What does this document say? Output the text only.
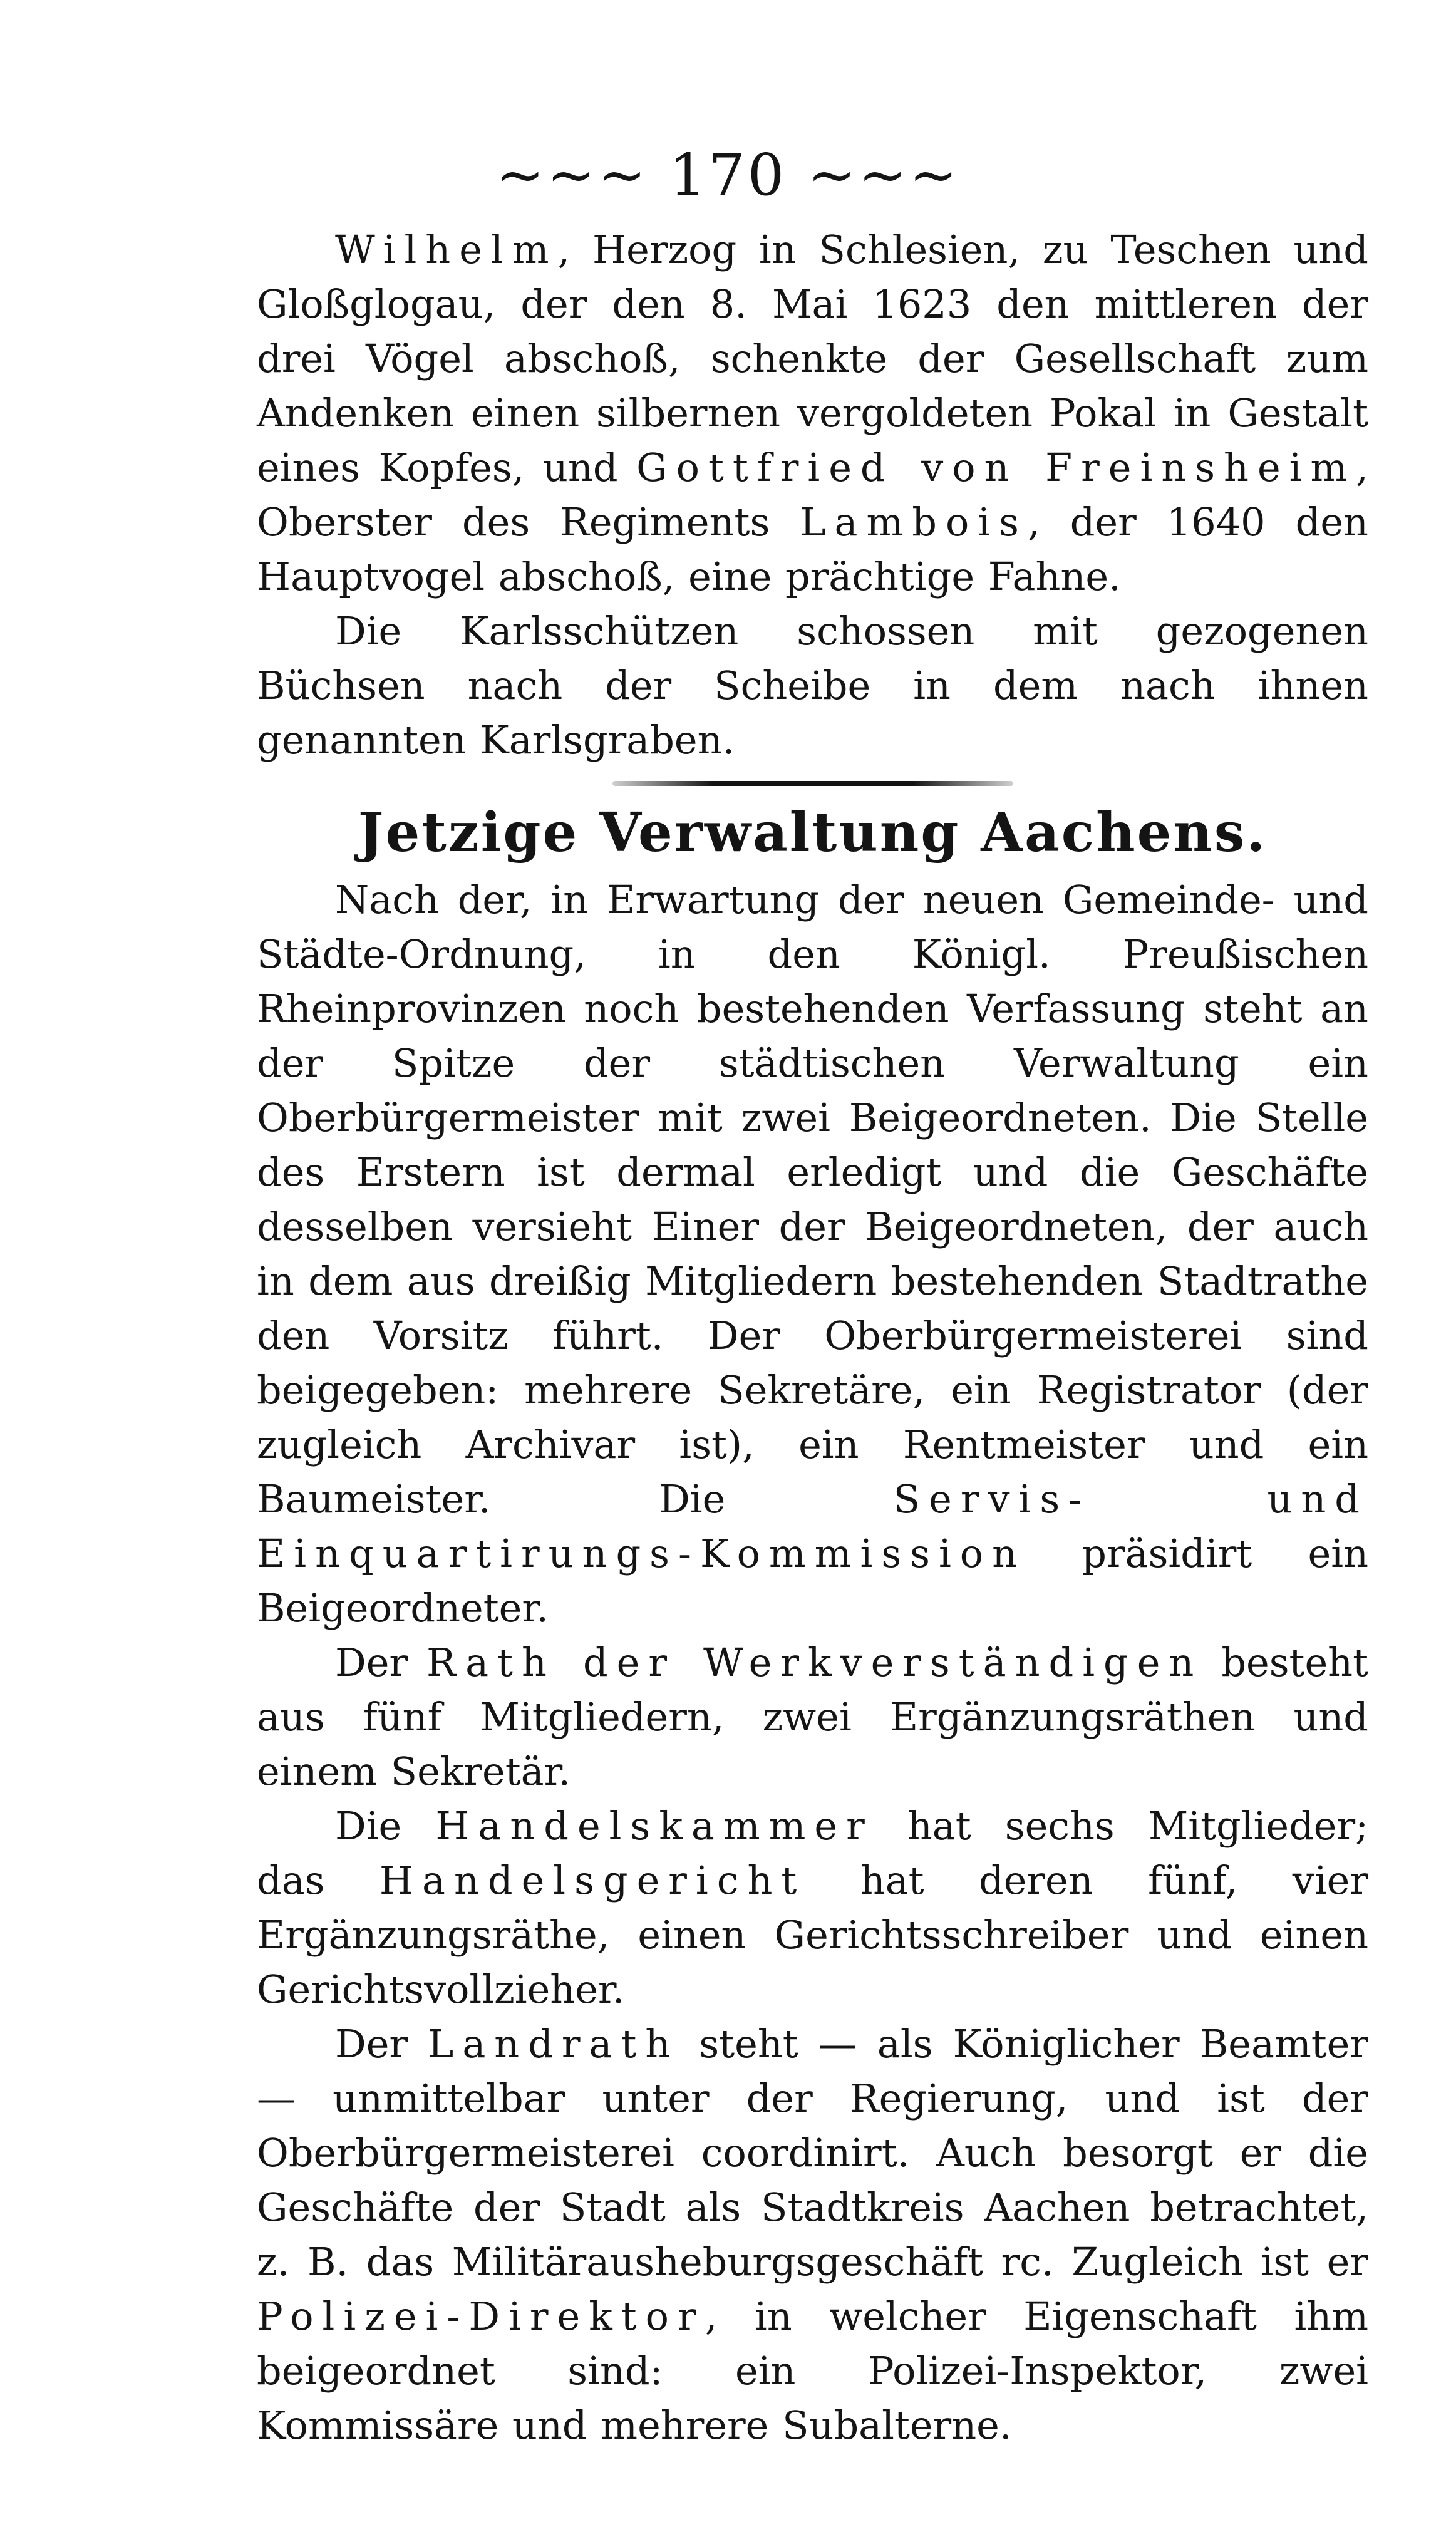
~~~ 170 ~~~

Wilhelm, Herzog in Schlesien, zu Teschen und Gloßglogau, der den 8. Mai 1623 den mittleren der drei Vögel abschoß, schenkte der Gesellschaft zum Andenken einen silbernen vergoldeten Pokal in Gestalt eines Kopfes, und Gottfried von Freinsheim, Oberster des Regiments Lambois, der 1640 den Hauptvogel abschoß, eine prächtige Fahne.

Die Karlsschützen schossen mit gezogenen Büchsen nach der Scheibe in dem nach ihnen genannten Karlsgraben.

Jetzige Verwaltung Aachens.

Nach der, in Erwartung der neuen Gemeinde- und Städte-Ordnung, in den Königl. Preußischen Rheinprovinzen noch bestehenden Verfassung steht an der Spitze der städtischen Verwaltung ein Oberbürgermeister mit zwei Beigeordneten. Die Stelle des Erstern ist dermal erledigt und die Geschäfte desselben versieht Einer der Beigeordneten, der auch in dem aus dreißig Mitgliedern bestehenden Stadtrathe den Vorsitz führt. Der Oberbürgermeisterei sind beigegeben: mehrere Sekretäre, ein Registrator (der zugleich Archivar ist), ein Rentmeister und ein Baumeister. Die Servis- und Einquartirungs-Kommission präsidirt ein Beigeordneter.

Der Rath der Werkverständigen besteht aus fünf Mitgliedern, zwei Ergänzungsräthen und einem Sekretär.

Die Handelskammer hat sechs Mitglieder; das Handelsgericht hat deren fünf, vier Ergänzungsräthe, einen Gerichtsschreiber und einen Gerichtsvollzieher.

Der Landrath steht — als Königlicher Beamter — unmittelbar unter der Regierung, und ist der Oberbürgermeisterei coordinirt. Auch besorgt er die Geschäfte der Stadt als Stadtkreis Aachen betrachtet, z. B. das Militärausheburgsgeschäft rc. Zugleich ist er Polizei-Direktor, in welcher Eigenschaft ihm beigeordnet sind: ein Polizei-Inspektor, zwei Kommissäre und mehrere Subalterne.
